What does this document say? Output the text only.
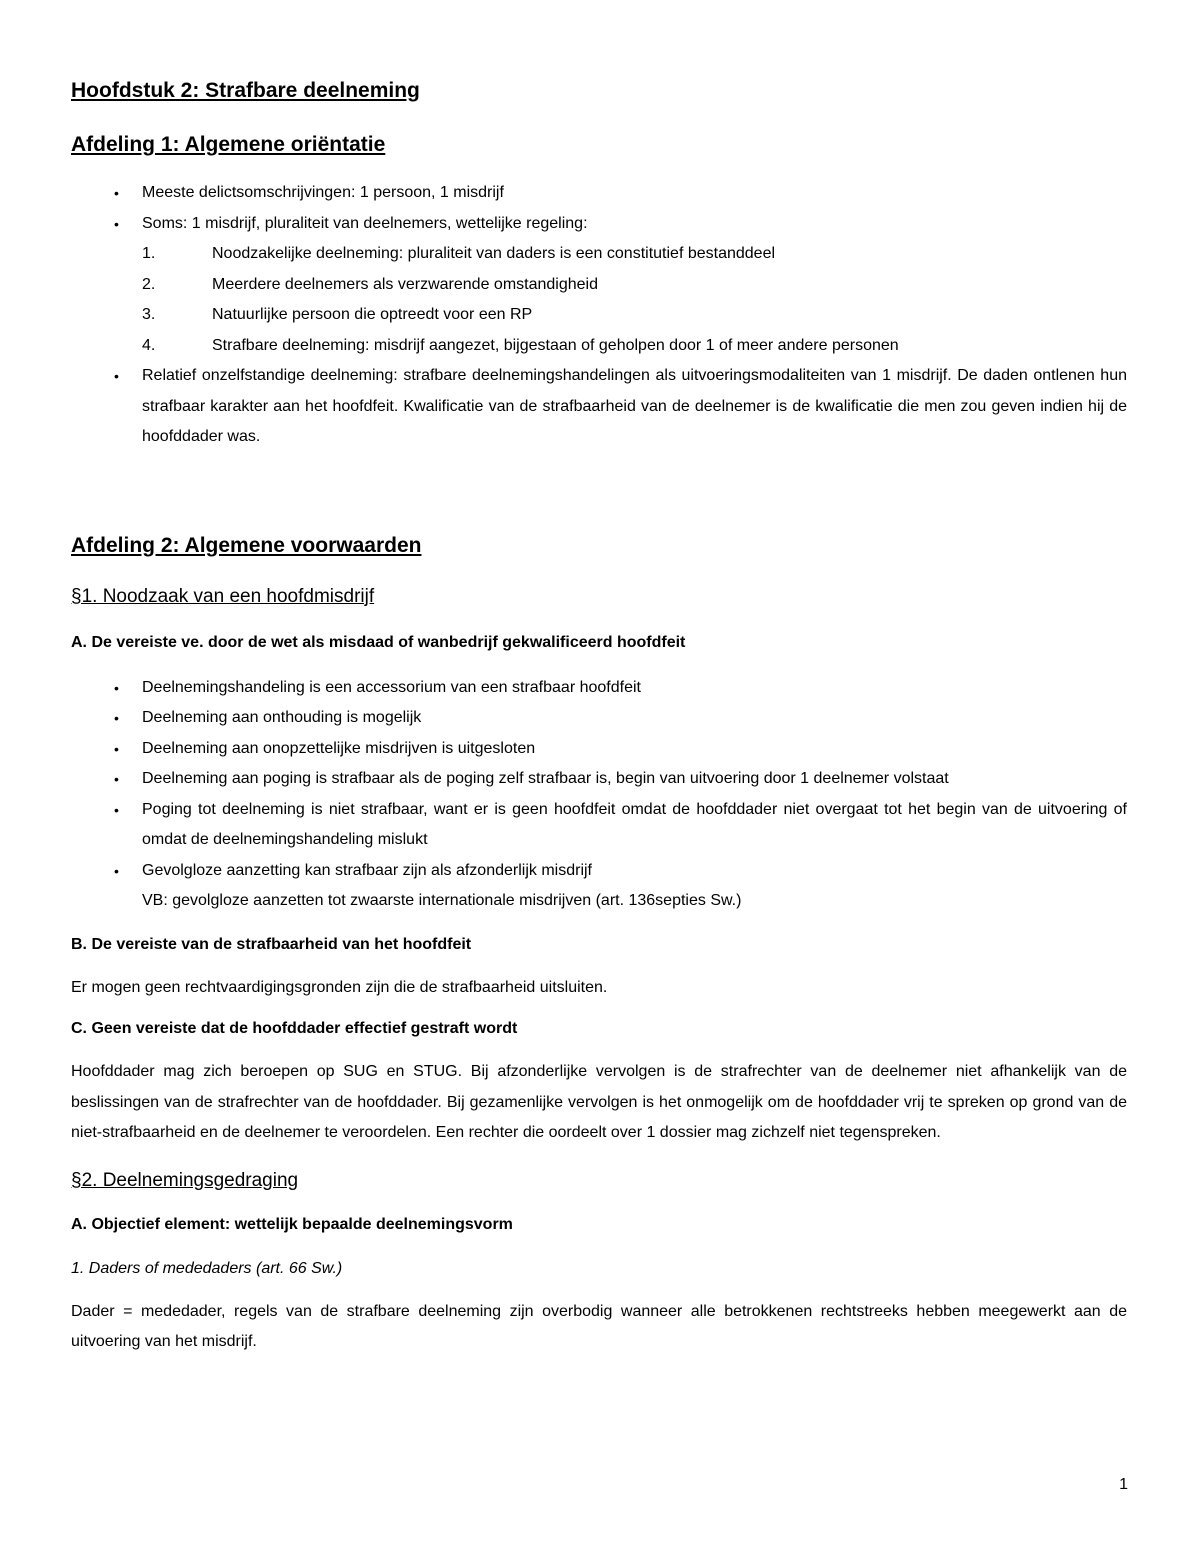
Hoofdstuk 2: Strafbare deelneming
Afdeling 1: Algemene oriëntatie
• Meeste delictsomschrijvingen: 1 persoon, 1 misdrijf
• Soms: 1 misdrijf, pluraliteit van deelnemers, wettelijke regeling:
1.	Noodzakelijke deelneming: pluraliteit van daders is een constitutief bestanddeel
2.	Meerdere deelnemers als verzwarende omstandigheid
3.	Natuurlijke persoon die optreedt voor een RP
4.	Strafbare deelneming: misdrijf aangezet, bijgestaan of geholpen door 1 of meer andere personen
• Relatief onzelfstandige deelneming: strafbare deelnemingshandelingen als uitvoeringsmodaliteiten van 1 misdrijf. De daden ontlenen hun strafbaar karakter aan het hoofdfeit. Kwalificatie van de strafbaarheid van de deelnemer is de kwalificatie die men zou geven indien hij de hoofddader was.
Afdeling 2: Algemene voorwaarden
§1. Noodzaak van een hoofdmisdrijf
A. De vereiste ve. door de wet als misdaad of wanbedrijf gekwalificeerd hoofdfeit
• Deelnemingshandeling is een accessorium van een strafbaar hoofdfeit
• Deelneming aan onthouding is mogelijk
• Deelneming aan onopzettelijke misdrijven is uitgesloten
• Deelneming aan poging is strafbaar als de poging zelf strafbaar is, begin van uitvoering door 1 deelnemer volstaat
• Poging tot deelneming is niet strafbaar, want er is geen hoofdfeit omdat de hoofddader niet overgaat tot het begin van de uitvoering of omdat de deelnemingshandeling mislukt
• Gevolgloze aanzetting kan strafbaar zijn als afzonderlijk misdrijf
VB: gevolgloze aanzetten tot zwaarste internationale misdrijven (art. 136septies Sw.)
B. De vereiste van de strafbaarheid van het hoofdfeit

Er mogen geen rechtvaardigingsgronden zijn die de strafbaarheid uitsluiten.

C. Geen vereiste dat de hoofddader effectief gestraft wordt

Hoofddader mag zich beroepen op SUG en STUG. Bij afzonderlijke vervolgen is de strafrechter van de deelnemer niet afhankelijk van de beslissingen van de strafrechter van de hoofddader. Bij gezamenlijke vervolgen is het onmogelijk om de hoofddader vrij te spreken op grond van de niet-strafbaarheid en de deelnemer te veroordelen. Een rechter die oordeelt over 1 dossier mag zichzelf niet tegenspreken.

§2. Deelnemingsgedraging
A. Objectief element: wettelijk bepaalde deelnemingsvorm
1. Daders of mededaders (art. 66 Sw.)

Dader = mededader, regels van de strafbare deelneming zijn overbodig wanneer alle betrokkenen rechtstreeks hebben meegewerkt aan de uitvoering van het misdrijf.

1
